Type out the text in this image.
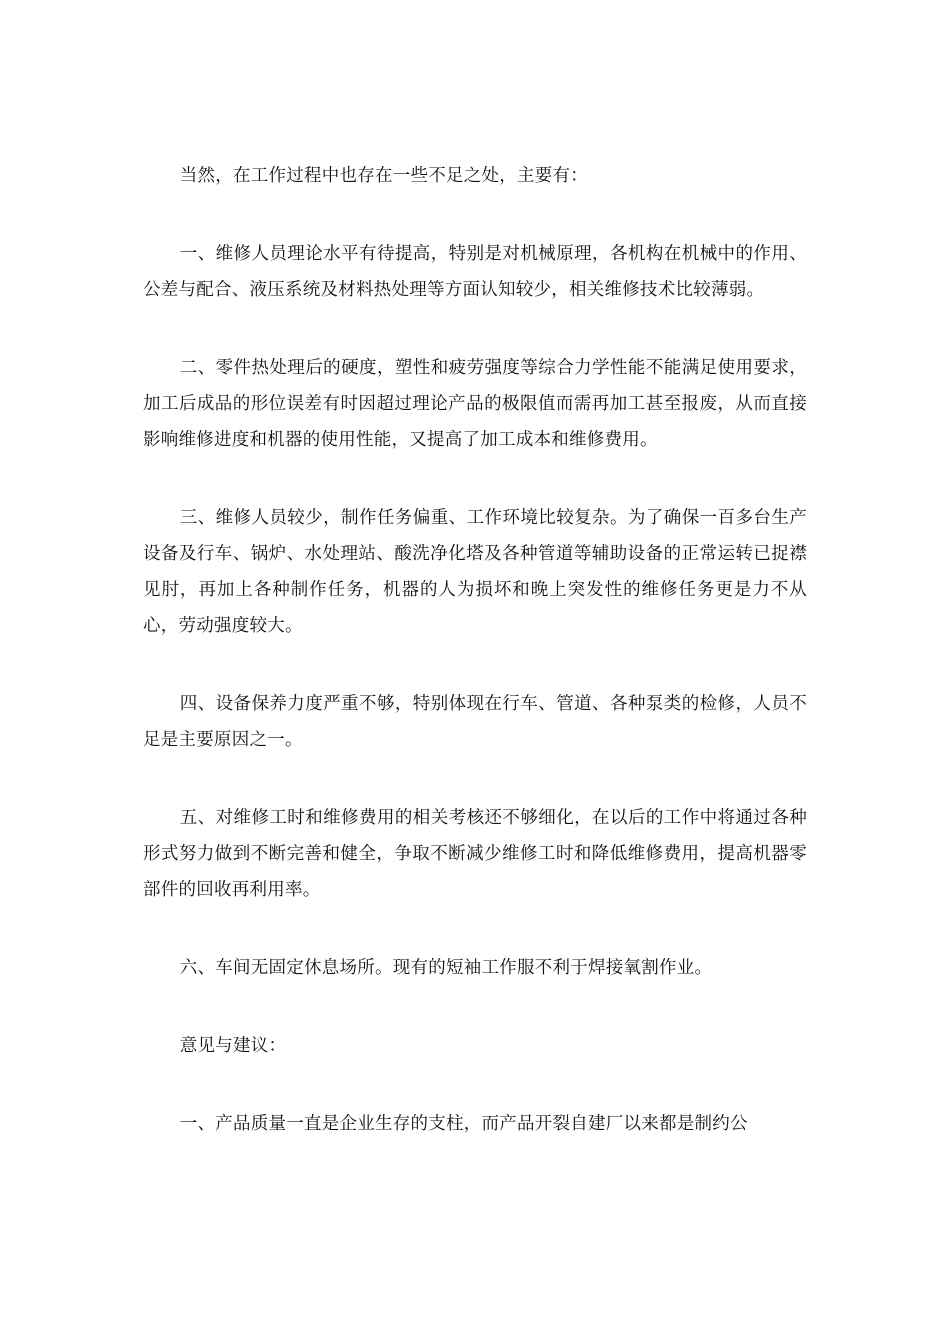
当然，在工作过程中也存在一些不足之处，主要有：

一、维修人员理论水平有待提高，特别是对机械原理，各机构在机械中的作用、公差与配合、液压系统及材料热处理等方面认知较少，相关维修技术比较薄弱。

二、零件热处理后的硬度，塑性和疲劳强度等综合力学性能不能满足使用要求，加工后成品的形位误差有时因超过理论产品的极限值而需再加工甚至报废，从而直接影响维修进度和机器的使用性能，又提高了加工成本和维修费用。

三、维修人员较少，制作任务偏重、工作环境比较复杂。为了确保一百多台生产设备及行车、锅炉、水处理站、酸洗净化塔及各种管道等辅助设备的正常运转已捉襟见肘，再加上各种制作任务，机器的人为损坏和晚上突发性的维修任务更是力不从心，劳动强度较大。

四、设备保养力度严重不够，特别体现在行车、管道、各种泵类的检修，人员不足是主要原因之一。

五、对维修工时和维修费用的相关考核还不够细化，在以后的工作中将通过各种形式努力做到不断完善和健全，争取不断减少维修工时和降低维修费用，提高机器零部件的回收再利用率。

六、车间无固定休息场所。现有的短袖工作服不利于焊接氧割作业。

意见与建议：

一、产品质量一直是企业生存的支柱，而产品开裂自建厂以来都是制约公
